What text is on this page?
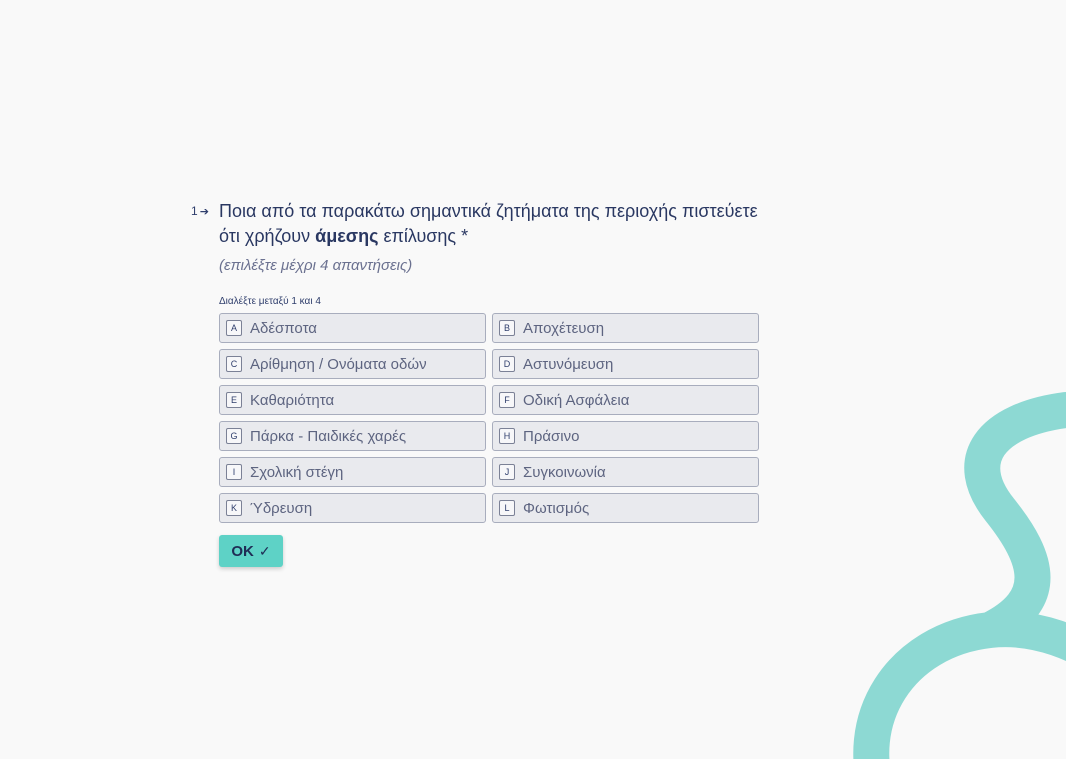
1 ➔ Ποια από τα παρακάτω σημαντικά ζητήματα της περιοχής πιστεύετε ότι χρήζουν άμεσης επίλυσης *
(επιλέξτε μέχρι 4 απαντήσεις)
Διαλέξτε μεταξύ 1 και 4
A Αδέσποτα	B Αποχέτευση
C Αρίθμηση / Ονόματα οδών	D Αστυνόμευση
E Καθαριότητα	F Οδική Ασφάλεια
G Πάρκα - Παιδικές χαρές	H Πράσινο
I Σχολική στέγη	J Συγκοινωνία
K Ύδρευση	L Φωτισμός
OK ✓
